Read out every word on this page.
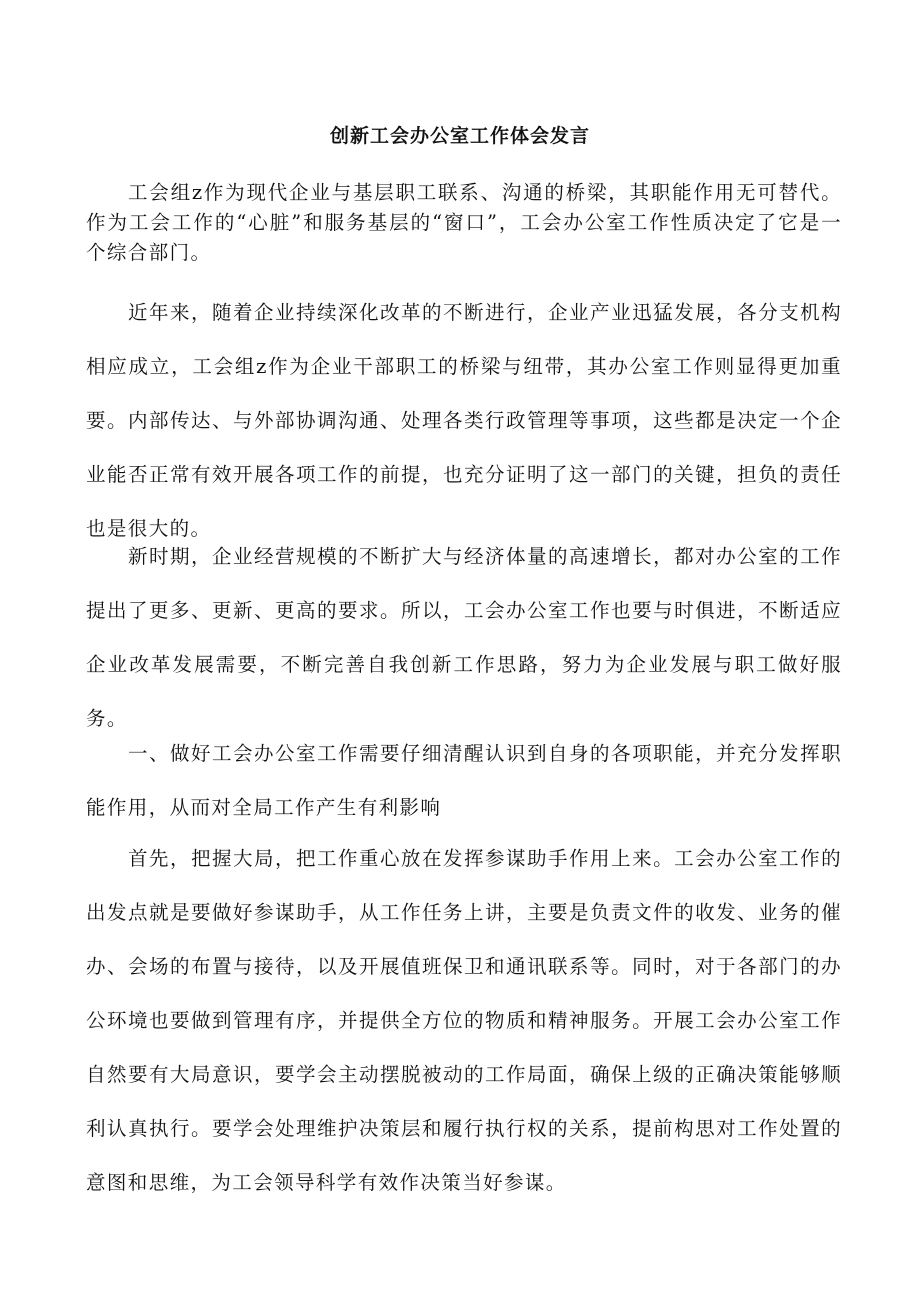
创新工会办公室工作体会发言

工会组z作为现代企业与基层职工联系、沟通的桥梁，其职能作用无可替代。作为工会工作的“心脏”和服务基层的“窗口”，工会办公室工作性质决定了它是一个综合部门。

近年来，随着企业持续深化改革的不断进行，企业产业迅猛发展，各分支机构相应成立，工会组z作为企业干部职工的桥梁与纽带，其办公室工作则显得更加重要。内部传达、与外部协调沟通、处理各类行政管理等事项，这些都是决定一个企业能否正常有效开展各项工作的前提，也充分证明了这一部门的关键，担负的责任也是很大的。

新时期，企业经营规模的不断扩大与经济体量的高速增长，都对办公室的工作提出了更多、更新、更高的要求。所以，工会办公室工作也要与时俱进，不断适应企业改革发展需要，不断完善自我创新工作思路，努力为企业发展与职工做好服务。

一、做好工会办公室工作需要仔细清醒认识到自身的各项职能，并充分发挥职能作用，从而对全局工作产生有利影响

首先，把握大局，把工作重心放在发挥参谋助手作用上来。工会办公室工作的出发点就是要做好参谋助手，从工作任务上讲，主要是负责文件的收发、业务的催办、会场的布置与接待，以及开展值班保卫和通讯联系等。同时，对于各部门的办公环境也要做到管理有序，并提供全方位的物质和精神服务。开展工会办公室工作自然要有大局意识，要学会主动摆脱被动的工作局面，确保上级的正确决策能够顺利认真执行。要学会处理维护决策层和履行执行权的关系，提前构思对工作处置的意图和思维，为工会领导科学有效作决策当好参谋。
